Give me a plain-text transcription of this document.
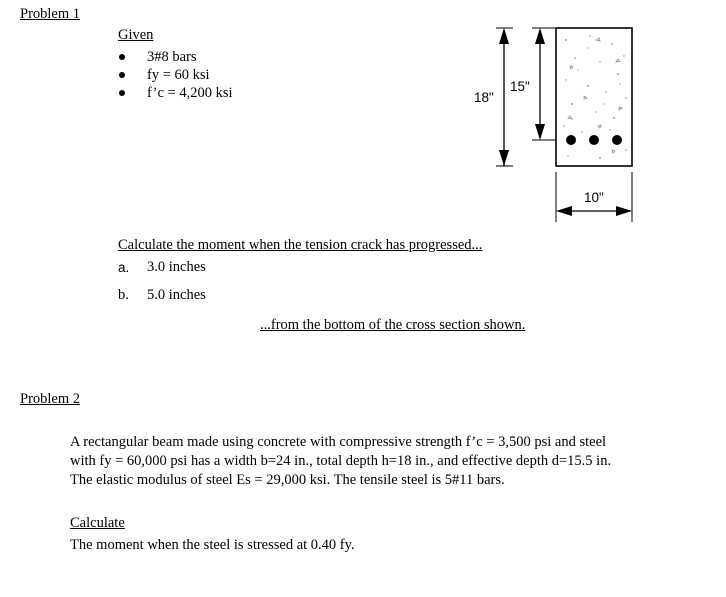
Problem 1
Given
3#8 bars
fy = 60 ksi
f’c = 4,200 ksi	18"
15"
10"
Calculate the moment when the tension crack has progressed...
a. 3.0 inches
b. 5.0 inches
...from the bottom of the cross section shown.
Problem 2
A rectangular beam made using concrete with compressive strength f’c = 3,500 psi and steel
with fy = 60,000 psi has a width b=24 in., total depth h=18 in., and effective depth d=15.5 in.
The elastic modulus of steel Es = 29,000 ksi. The tensile steel is 5#11 bars.
Calculate
The moment when the steel is stressed at 0.40 fy.
